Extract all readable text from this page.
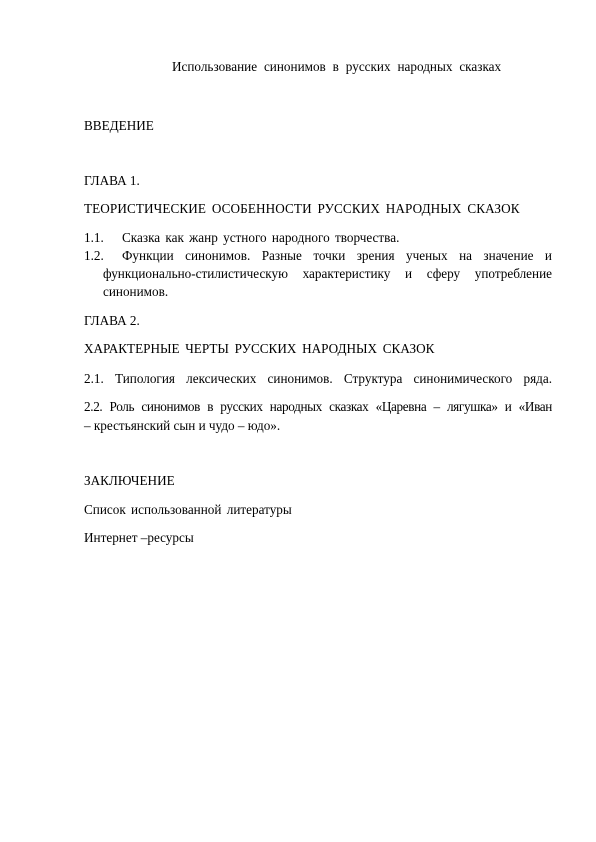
Использование синонимов в русских народных сказках
ВВЕДЕНИЕ
ГЛАВА 1.
ТЕОРИСТИЧЕСКИЕ ОСОБЕННОСТИ РУССКИХ НАРОДНЫХ СКАЗОК
1.1. Сказка как жанр устного народного творчества.
1.2. Функции синонимов. Разные точки зрения ученых на значение и
функционально-стилистическую характеристику и сферу употребление
синонимов.
ГЛАВА 2.
ХАРАКТЕРНЫЕ ЧЕРТЫ РУССКИХ НАРОДНЫХ СКАЗОК
2.1. Типология лексических синонимов. Структура синонимического ряда.
2.2. Роль синонимов в русских народных сказках «Царевна – лягушка» и «Иван
– крестьянский сын и чудо – юдо».
ЗАКЛЮЧЕНИЕ
Список использованной литературы
Интернет –ресурсы
